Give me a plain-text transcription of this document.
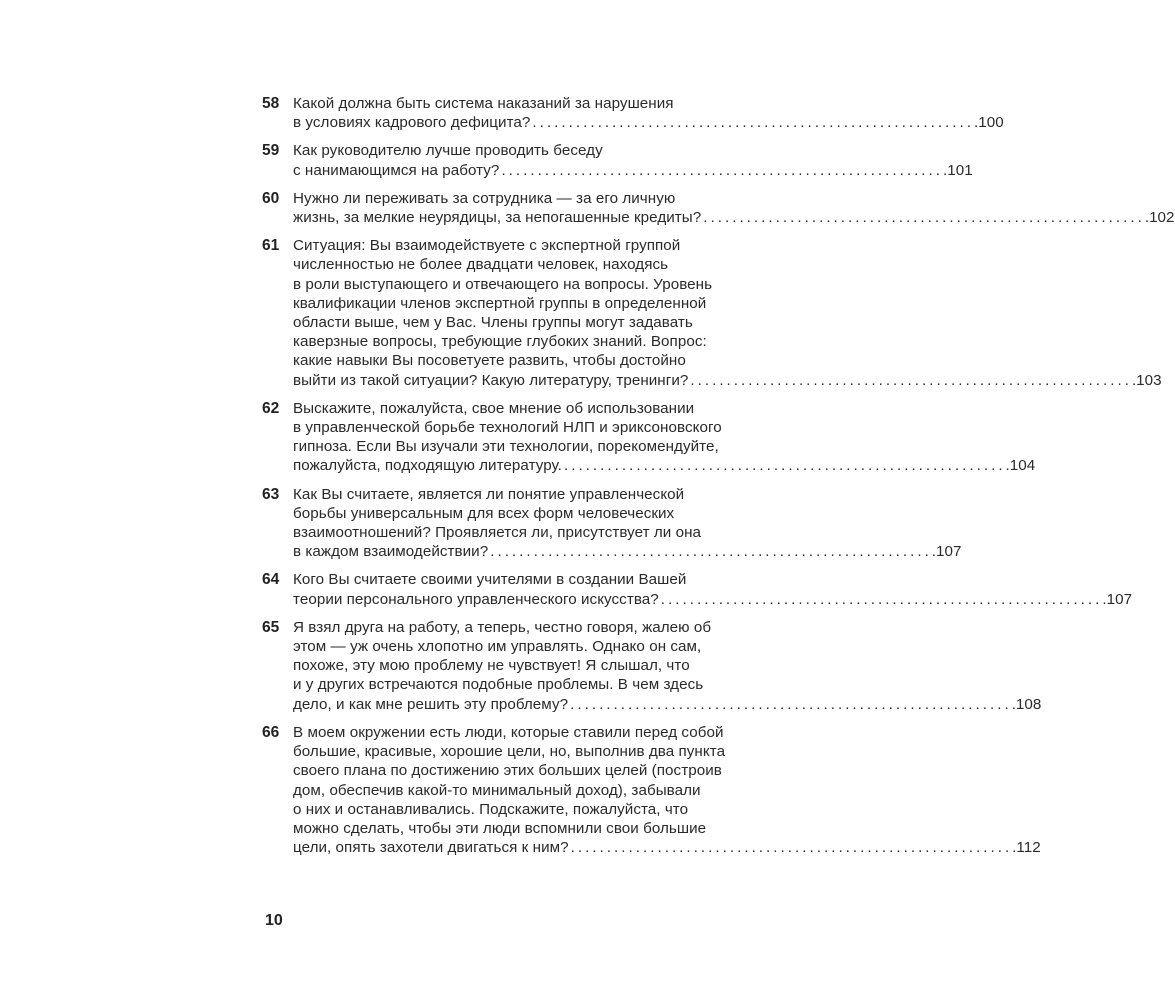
58 Какой должна быть система наказаний за нарушения
в условиях кадрового дефицита?
. . .	100
59 Как руководителю лучше проводить беседу
с нанимающимся на работу?
. . .	101
60 Нужно ли переживать за сотрудника — за его личную
жизнь, за мелкие неурядицы, за непогашенные кредиты?
. . .	102
61 Ситуация: Вы взаимодействуете с экспертной группой
численностью не более двадцати человек, находясь
в роли выступающего и отвечающего на вопросы. Уровень
квалификации членов экспертной группы в определенной
области выше, чем у Вас. Члены группы могут задавать
каверзные вопросы, требующие глубоких знаний. Вопрос:
какие навыки Вы посоветуете развить, чтобы достойно
выйти из такой ситуации? Какую литературу, тренинги?
. . .	103
62 Выскажите, пожалуйста, свое мнение об использовании
в управленческой борьбе технологий НЛП и эриксоновского
гипноза. Если Вы изучали эти технологии, порекомендуйте,
пожалуйста, подходящую литературу.
. . .	104
63 Как Вы считаете, является ли понятие управленческой
борьбы универсальным для всех форм человеческих
взаимоотношений? Проявляется ли, присутствует ли она
в каждом взаимодействии?
. . .	107
64 Кого Вы считаете своими учителями в создании Вашей
теории персонального управленческого искусства?
. . .	107
65 Я взял друга на работу, а теперь, честно говоря, жалею об
этом — уж очень хлопотно им управлять. Однако он сам,
похоже, эту мою проблему не чувствует! Я слышал, что
и у других встречаются подобные проблемы. В чем здесь
дело, и как мне решить эту проблему?
. . .	108
66 В моем окружении есть люди, которые ставили перед собой
большие, красивые, хорошие цели, но, выполнив два пункта
своего плана по достижению этих больших целей (построив
дом, обеспечив какой-то минимальный доход), забывали
о них и останавливались. Подскажите, пожалуйста, что
можно сделать, чтобы эти люди вспомнили свои большие
цели, опять захотели двигаться к ним?
. . .	112
10
